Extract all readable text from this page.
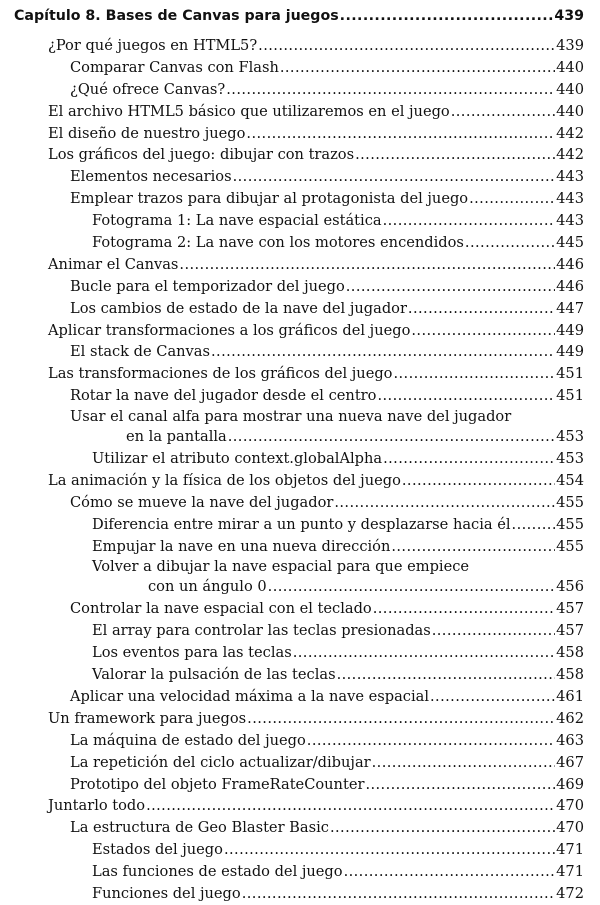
Capítulo 8. Bases de Canvas para juegos .....	439
¿Por qué juegos en HTML5? .....	439
Comparar Canvas con Flash .....	440
¿Qué ofrece Canvas? .....	440
El archivo HTML5 básico que utilizaremos en el juego .....	440
El diseño de nuestro juego .....	442
Los gráficos del juego: dibujar con trazos .....	442
Elementos necesarios .....	443
Emplear trazos para dibujar al protagonista del juego .....	443
Fotograma 1: La nave espacial estática .....	443
Fotograma 2: La nave con los motores encendidos .....	445
Animar el Canvas .....	446
Bucle para el temporizador del juego .....	446
Los cambios de estado de la nave del jugador .....	447
Aplicar transformaciones a los gráficos del juego .....	449
El stack de Canvas .....	449
Las transformaciones de los gráficos del juego .....	451
Rotar la nave del jugador desde el centro .....	451
Usar el canal alfa para mostrar una nueva nave del jugador
en la pantalla .....	453
Utilizar el atributo context.globalAlpha .....	453
La animación y la física de los objetos del juego .....	454
Cómo se mueve la nave del jugador .....	455
Diferencia entre mirar a un punto y desplazarse hacia él .....	455
Empujar la nave en una nueva dirección .....	455
Volver a dibujar la nave espacial para que empiece
con un ángulo 0 .....	456
Controlar la nave espacial con el teclado .....	457
El array para controlar las teclas presionadas .....	457
Los eventos para las teclas .....	458
Valorar la pulsación de las teclas .....	458
Aplicar una velocidad máxima a la nave espacial .....	461
Un framework para juegos .....	462
La máquina de estado del juego .....	463
La repetición del ciclo actualizar/dibujar .....	467
Prototipo del objeto FrameRateCounter .....	469
Juntarlo todo .....	470
La estructura de Geo Blaster Basic .....	470
Estados del juego .....	471
Las funciones de estado del juego .....	471
Funciones del juego .....	472
